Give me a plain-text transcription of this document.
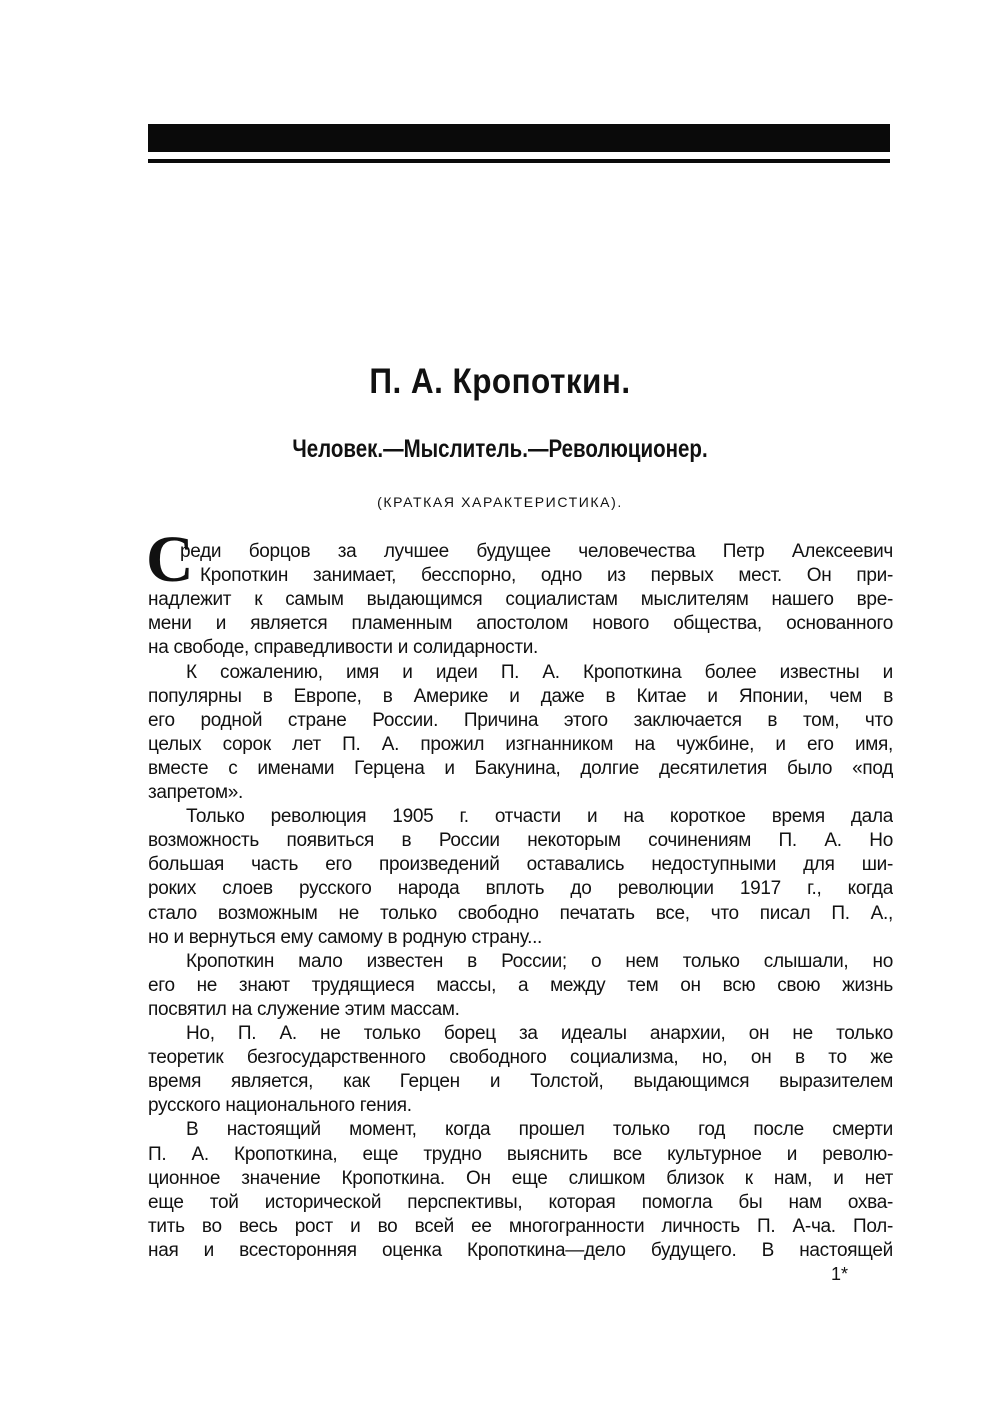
П. А. Кропоткин.
Человек.—Мыслитель.—Революционер.
(КРАТКАЯ ХАРАКТЕРИСТИКА).
С
реди борцов за лучшее будущее человечества Петр Алексеевич
Кропоткин занимает, бесспорно, одно из первых мест. Он при-
надлежит к самым выдающимся социалистам мыслителям нашего вре-
мени и является пламенным апостолом нового общества, основанного
на свободе, справедливости и солидарности.
К сожалению, имя и идеи П. А. Кропоткина более известны и
популярны в Европе, в Америке и даже в Китае и Японии, чем в
его родной стране России. Причина этого заключается в том, что
целых сорок лет П. А. прожил изгнанником на чужбине, и его имя,
вместе с именами Герцена и Бакунина, долгие десятилетия было «под
запретом».
Только революция 1905 г. отчасти и на короткое время дала
возможность появиться в России некоторым сочинениям П. А. Но
большая часть его произведений оставались недоступными для ши-
роких слоев русского народа вплоть до революции 1917 г., когда
стало возможным не только свободно печатать все, что писал П. А.,
но и вернуться ему самому в родную страну...
Кропоткин мало известен в России; о нем только слышали, но
его не знают трудящиеся массы, а между тем он всю свою жизнь
посвятил на служение этим массам.
Но, П. А. не только борец за идеалы анархии, он не только
теоретик безгосударственного свободного социализма, но, он в то же
время является, как Герцен и Толстой, выдающимся выразителем
русского национального гения.
В настоящий момент, когда прошел только год после смерти
П. А. Кропоткина, еще трудно выяснить все культурное и револю-
ционное значение Кропоткина. Он еще слишком близок к нам, и нет
еще той исторической перспективы, которая помогла бы нам охва-
тить во весь рост и во всей ее многогранности личность П. А-ча. Пол-
ная и всесторонняя оценка Кропоткина—дело будущего. В настоящей
1*
